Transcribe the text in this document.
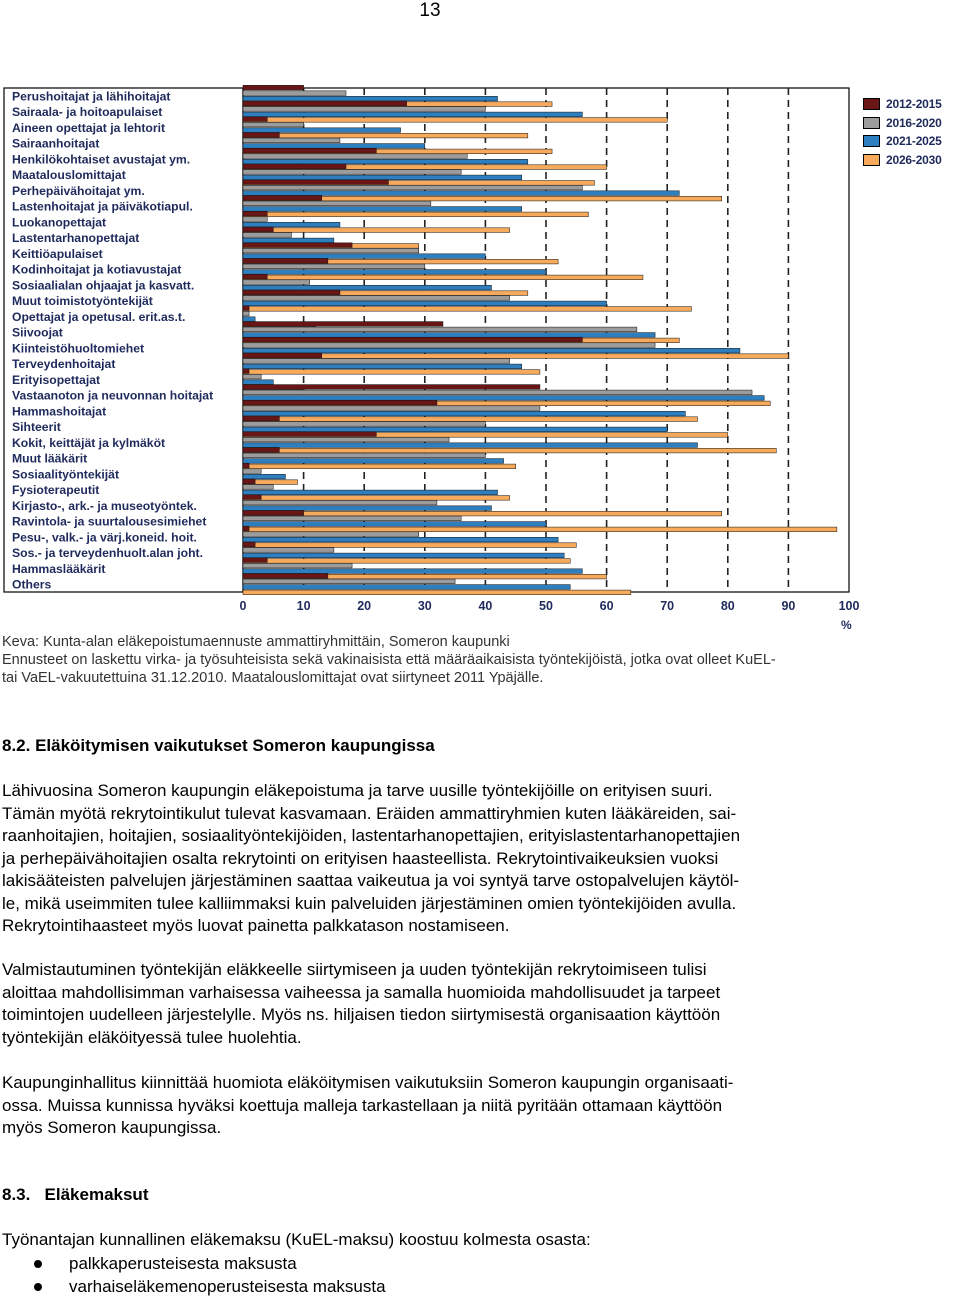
13
Perushoitajat ja lähihoitajat
Sairaala- ja hoitoapulaiset
Aineen opettajat ja lehtorit
Sairaanhoitajat
Henkilökohtaiset avustajat ym.
Maatalouslomittajat
Perhepäivähoitajat ym.
Lastenhoitajat ja päiväkotiapul.
Luokanopettajat
Lastentarhanopettajat
Keittiöapulaiset
Kodinhoitajat ja kotiavustajat
Sosiaalialan ohjaajat ja kasvatt.
Muut toimistotyöntekijät
Opettajat ja opetusal. erit.as.t.
Siivoojat
Kiinteistöhuoltomiehet
Terveydenhoitajat
Erityisopettajat
Vastaanoton ja neuvonnan hoitajat
Hammashoitajat
Sihteerit
Kokit, keittäjät ja kylmäköt
Muut lääkärit
Sosiaalityöntekijät
Fysioterapeutit
Kirjasto-, ark.- ja museotyöntek.
Ravintola- ja suurtalousesimiehet
Pesu-, valk.- ja värj.koneid. hoit.
Sos.- ja terveydenhuolt.alan joht.
Hammaslääkärit
Others
0	10	20	30	40	50	60	70	80	90	100
%
2012-2015
2016-2020
2021-2025
2026-2030

Keva: Kunta-alan eläkepoistumaennuste ammattiryhmittäin, Someron kaupunki

Ennusteet on laskettu virka- ja työsuhteisista sekä vakinaisista että määräaikaisista työntekijöistä, jotka ovat olleet KuEL-

tai VaEL-vakuutettuina 31.12.2010. Maatalouslomittajat ovat siirtyneet 2011 Ypäjälle.

8.2. Eläköitymisen vaikutukset Someron kaupungissa
Lähivuosina Someron kaupungin eläkepoistuma ja tarve uusille työntekijöille on erityisen suuri.
Tämän myötä rekrytointikulut tulevat kasvamaan. Eräiden ammattiryhmien kuten lääkäreiden, sai-
raanhoitajien, hoitajien, sosiaalityöntekijöiden, lastentarhanopettajien, erityislastentarhanopettajien
ja perhepäivähoitajien osalta rekrytointi on erityisen haasteellista. Rekrytointivaikeuksien vuoksi
lakisääteisten palvelujen järjestäminen saattaa vaikeutua ja voi syntyä tarve ostopalvelujen käytöl-
le, mikä useimmiten tulee kalliimmaksi kuin palveluiden järjestäminen omien työntekijöiden avulla.
Rekrytointihaasteet myös luovat painetta palkkatason nostamiseen.
Valmistautuminen työntekijän eläkkeelle siirtymiseen ja uuden työntekijän rekrytoimiseen tulisi
aloittaa mahdollisimman varhaisessa vaiheessa ja samalla huomioida mahdollisuudet ja tarpeet
toimintojen uudelleen järjestelylle. Myös ns. hiljaisen tiedon siirtymisestä organisaation käyttöön
työntekijän eläköityessä tulee huolehtia.
Kaupunginhallitus kiinnittää huomiota eläköitymisen vaikutuksiin Someron kaupungin organisaati-
ossa. Muissa kunnissa hyväksi koettuja malleja tarkastellaan ja niitä pyritään ottamaan käyttöön
myös Someron kaupungissa.
8.3. Eläkemaksut
Työnantajan kunnallinen eläkemaksu (KuEL-maksu) koostuu kolmesta osasta:
palkkaperusteisesta maksusta
varhaiseläkemenoperusteisesta maksusta
